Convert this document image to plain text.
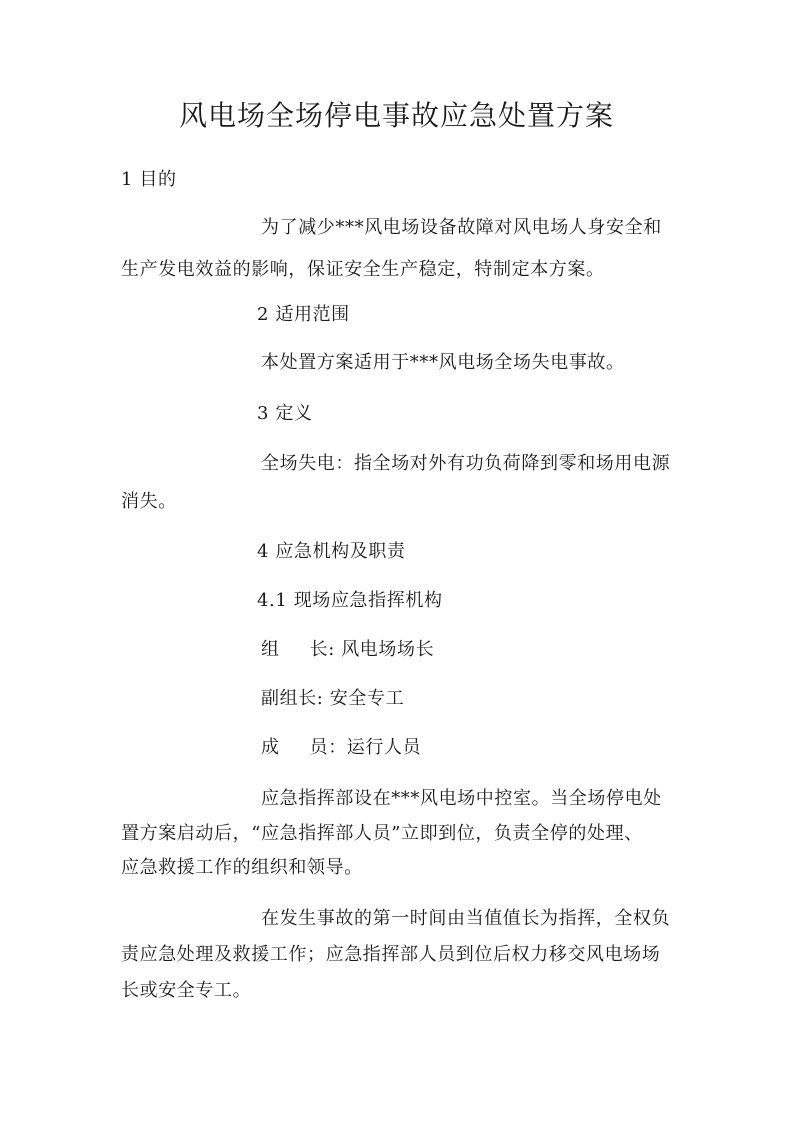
风电场全场停电事故应急处置方案
1 目的
为了减少***风电场设备故障对风电场人身安全和
生产发电效益的影响，保证安全生产稳定，特制定本方案。
2 适用范围
本处置方案适用于***风电场全场失电事故。
3 定义
全场失电：指全场对外有功负荷降到零和场用电源
消失。
4 应急机构及职责
4.1 现场应急指挥机构
组 长: 风电场场长
副组长: 安全专工
成 员：运行人员
应急指挥部设在***风电场中控室。当全场停电处
置方案启动后，“应急指挥部人员”立即到位，负责全停的处理、
应急救援工作的组织和领导。
在发生事故的第一时间由当值值长为指挥，全权负
责应急处理及救援工作；应急指挥部人员到位后权力移交风电场场
长或安全专工。
